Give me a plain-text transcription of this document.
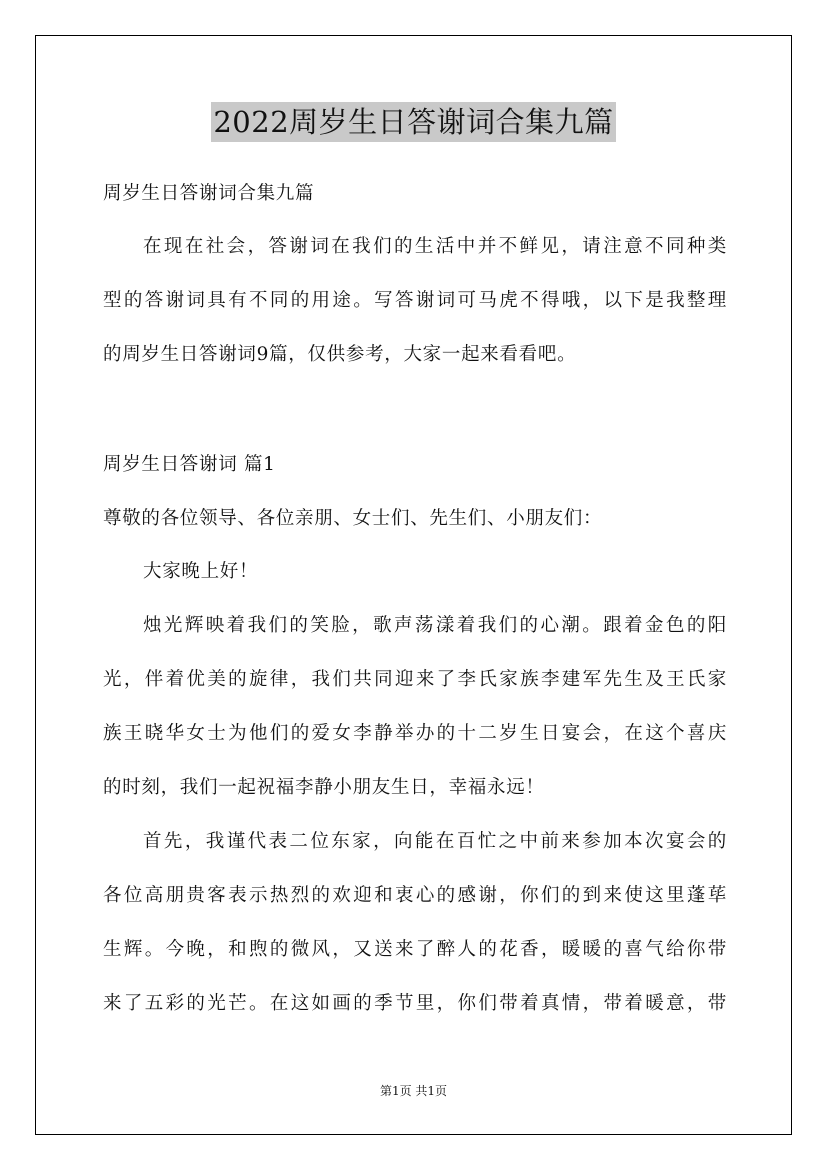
2022周岁生日答谢词合集九篇
周岁生日答谢词合集九篇
在现在社会，答谢词在我们的生活中并不鲜见，请注意不同种类
型的答谢词具有不同的用途。写答谢词可马虎不得哦，以下是我整理
的周岁生日答谢词9篇，仅供参考，大家一起来看看吧。
周岁生日答谢词 篇1
尊敬的各位领导、各位亲朋、女士们、先生们、小朋友们：
大家晚上好！
烛光辉映着我们的笑脸，歌声荡漾着我们的心潮。跟着金色的阳
光，伴着优美的旋律，我们共同迎来了李氏家族李建军先生及王氏家
族王晓华女士为他们的爱女李静举办的十二岁生日宴会，在这个喜庆
的时刻，我们一起祝福李静小朋友生日，幸福永远！
首先，我谨代表二位东家，向能在百忙之中前来参加本次宴会的
各位高朋贵客表示热烈的欢迎和衷心的感谢，你们的到来使这里蓬荜
生辉。今晚，和煦的微风，又送来了醉人的花香，暖暖的喜气给你带
来了五彩的光芒。在这如画的季节里，你们带着真情，带着暖意，带
第1页 共1页
